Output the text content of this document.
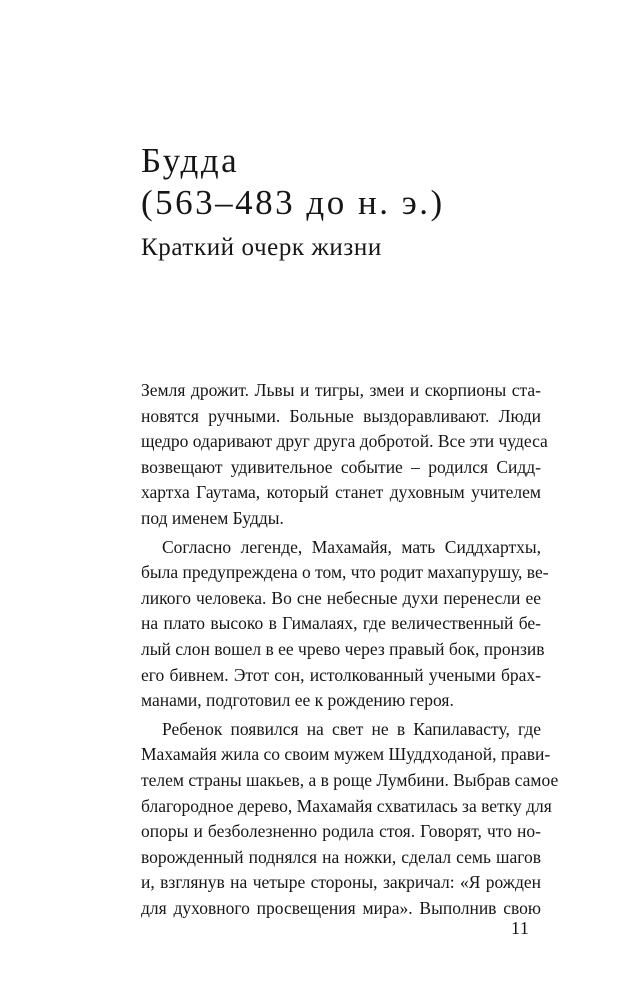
Будда
(563–483 до н. э.)
Краткий очерк жизни
Земля дрожит. Львы и тигры, змеи и скорпионы ста-
новятся ручными. Больные выздоравливают. Люди
щедро одаривают друг друга добротой. Все эти чудеса
возвещают удивительное событие – родился Сидд-
хартха Гаутама, который станет духовным учителем
под именем Будды.
Согласно легенде, Махамайя, мать Сиддхартхы,
была предупреждена о том, что родит махапурушу, ве-
ликого человека. Во сне небесные духи перенесли ее
на плато высоко в Гималаях, где величественный бе-
лый слон вошел в ее чрево через правый бок, пронзив
его бивнем. Этот сон, истолкованный учеными брах-
манами, подготовил ее к рождению героя.
Ребенок появился на свет не в Капилавасту, где
Махамайя жила со своим мужем Шуддходаной, прави-
телем страны шакьев, а в роще Лумбини. Выбрав самое
благородное дерево, Махамайя схватилась за ветку для
опоры и безболезненно родила стоя. Говорят, что но-
ворожденный поднялся на ножки, сделал семь шагов
и, взглянув на четыре стороны, закричал: «Я рожден
для духовного просвещения мира». Выполнив свою
11
